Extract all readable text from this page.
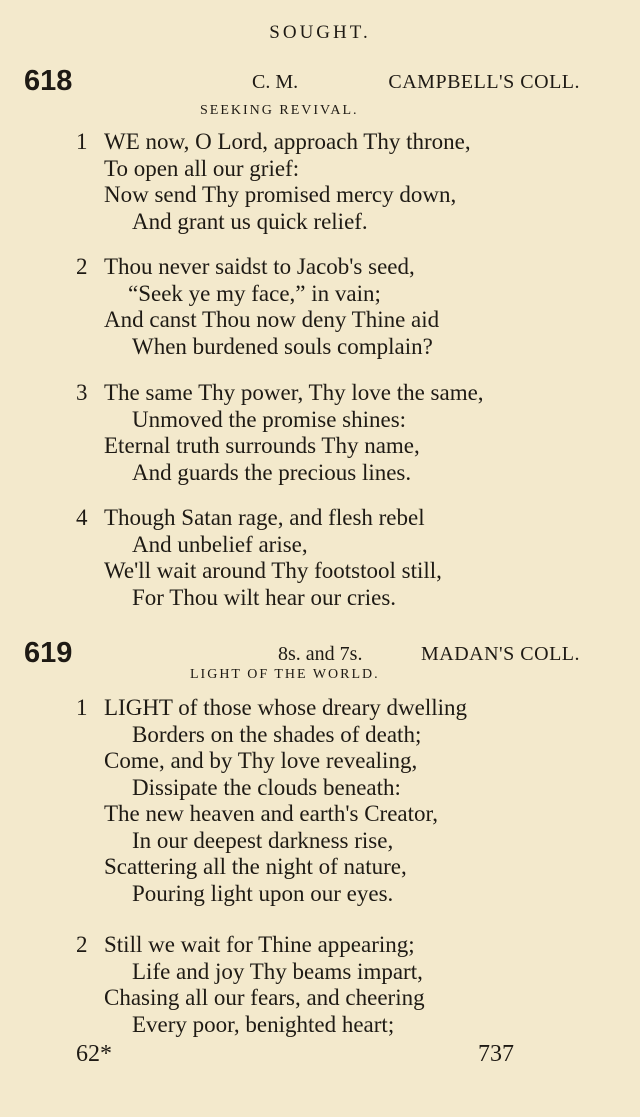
SOUGHT.
618	C. M.	CAMPBELL'S COLL.
SEEKING REVIVAL.
1 WE now, O Lord, approach Thy throne,
To open all our grief:
Now send Thy promised mercy down,
And grant us quick relief.
2 Thou never saidst to Jacob's seed,
“Seek ye my face,” in vain;
And canst Thou now deny Thine aid
When burdened souls complain?
3 The same Thy power, Thy love the same,
Unmoved the promise shines:
Eternal truth surrounds Thy name,
And guards the precious lines.
4 Though Satan rage, and flesh rebel
And unbelief arise,
We'll wait around Thy footstool still,
For Thou wilt hear our cries.
619	8s. and 7s.	MADAN'S COLL.
LIGHT OF THE WORLD.
1 LIGHT of those whose dreary dwelling
Borders on the shades of death;
Come, and by Thy love revealing,
Dissipate the clouds beneath:
The new heaven and earth's Creator,
In our deepest darkness rise,
Scattering all the night of nature,
Pouring light upon our eyes.
2 Still we wait for Thine appearing;
Life and joy Thy beams impart,
Chasing all our fears, and cheering
Every poor, benighted heart;
62*	737
